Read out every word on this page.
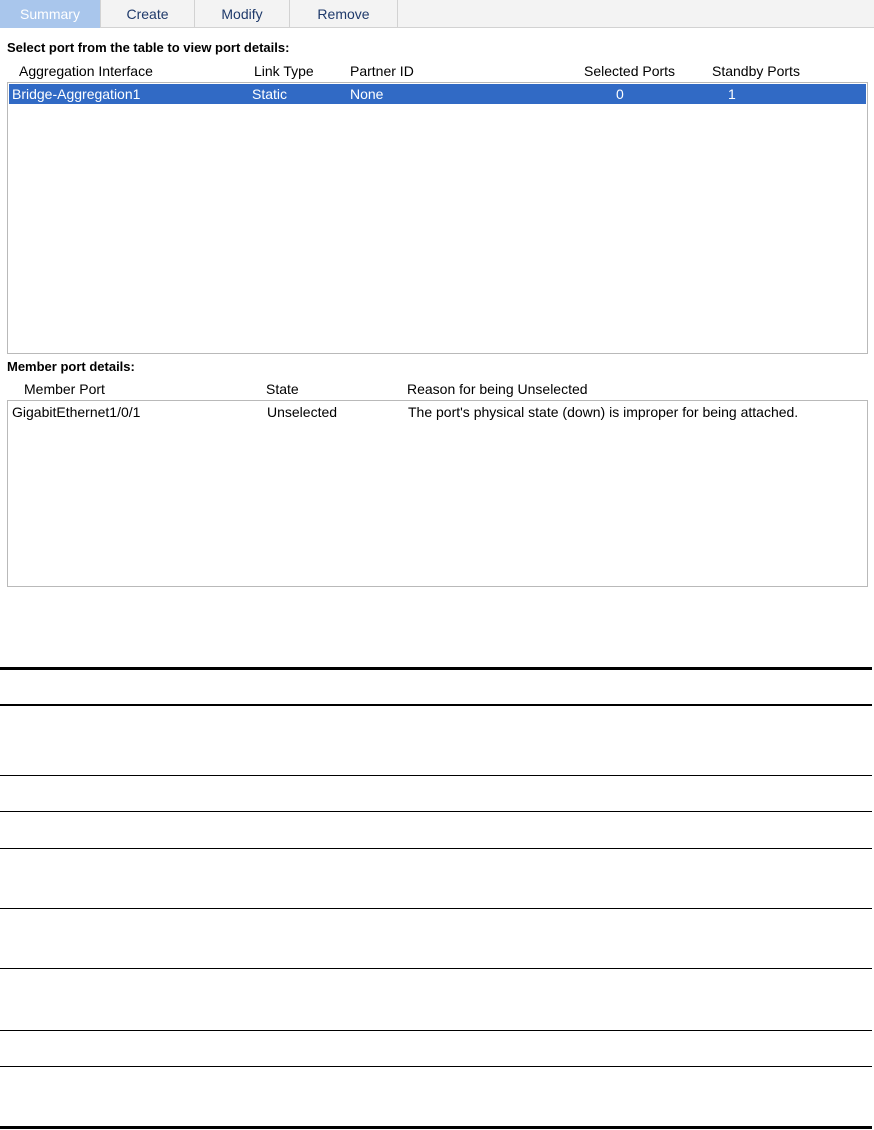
Summary	Create	Modify	Remove
Select port from the table to view port details:
Aggregation Interface	Link Type	Partner ID	Selected Ports	Standby Ports
Bridge-Aggregation1	Static	None	0	1
Member port details:
Member Port	State	Reason for being Unselected
GigabitEthernet1/0/1	Unselected	The port's physical state (down) is improper for being attached.
